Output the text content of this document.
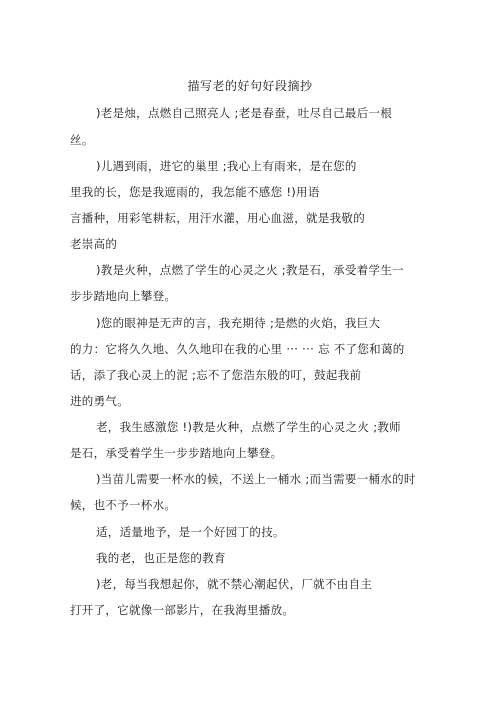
描写老的好句好段摘抄
)老是烛，点燃自己照亮人 ;老是春蚕，吐尽自己最后一根
丝。
)儿遇到雨，进它的巢里 ;我心上有雨来，是在您的
里我的长，您是我遮雨的，我怎能不感您 !)用语
言播种，用彩笔耕耘，用汗水灌，用心血滋，就是我敬的
老崇高的
)教是火种，点燃了学生的心灵之火 ;教是石，承受着学生一
步步踏地向上攀登。
)您的眼神是无声的言，我充期待 ;是燃的火焰，我巨大
的力：它将久久地、久久地印在我的心里 ··· ··· 忘 不了您和蔼的
话，添了我心灵上的泥 ;忘不了您浩东般的叮，鼓起我前
进的勇气。
老，我生感激您 !)教是火种，点燃了学生的心灵之火 ;教师
是石，承受着学生一步步踏地向上攀登。
)当苗儿需要一杯水的候，不送上一桶水 ;而当需要一桶水的时
候，也不予一杯水。
适，适量地予，是一个好园丁的技。
我的老，也正是您的教育
)老，每当我想起你，就不禁心潮起伏，厂就不由自主
打开了，它就像一部影片，在我海里播放。
